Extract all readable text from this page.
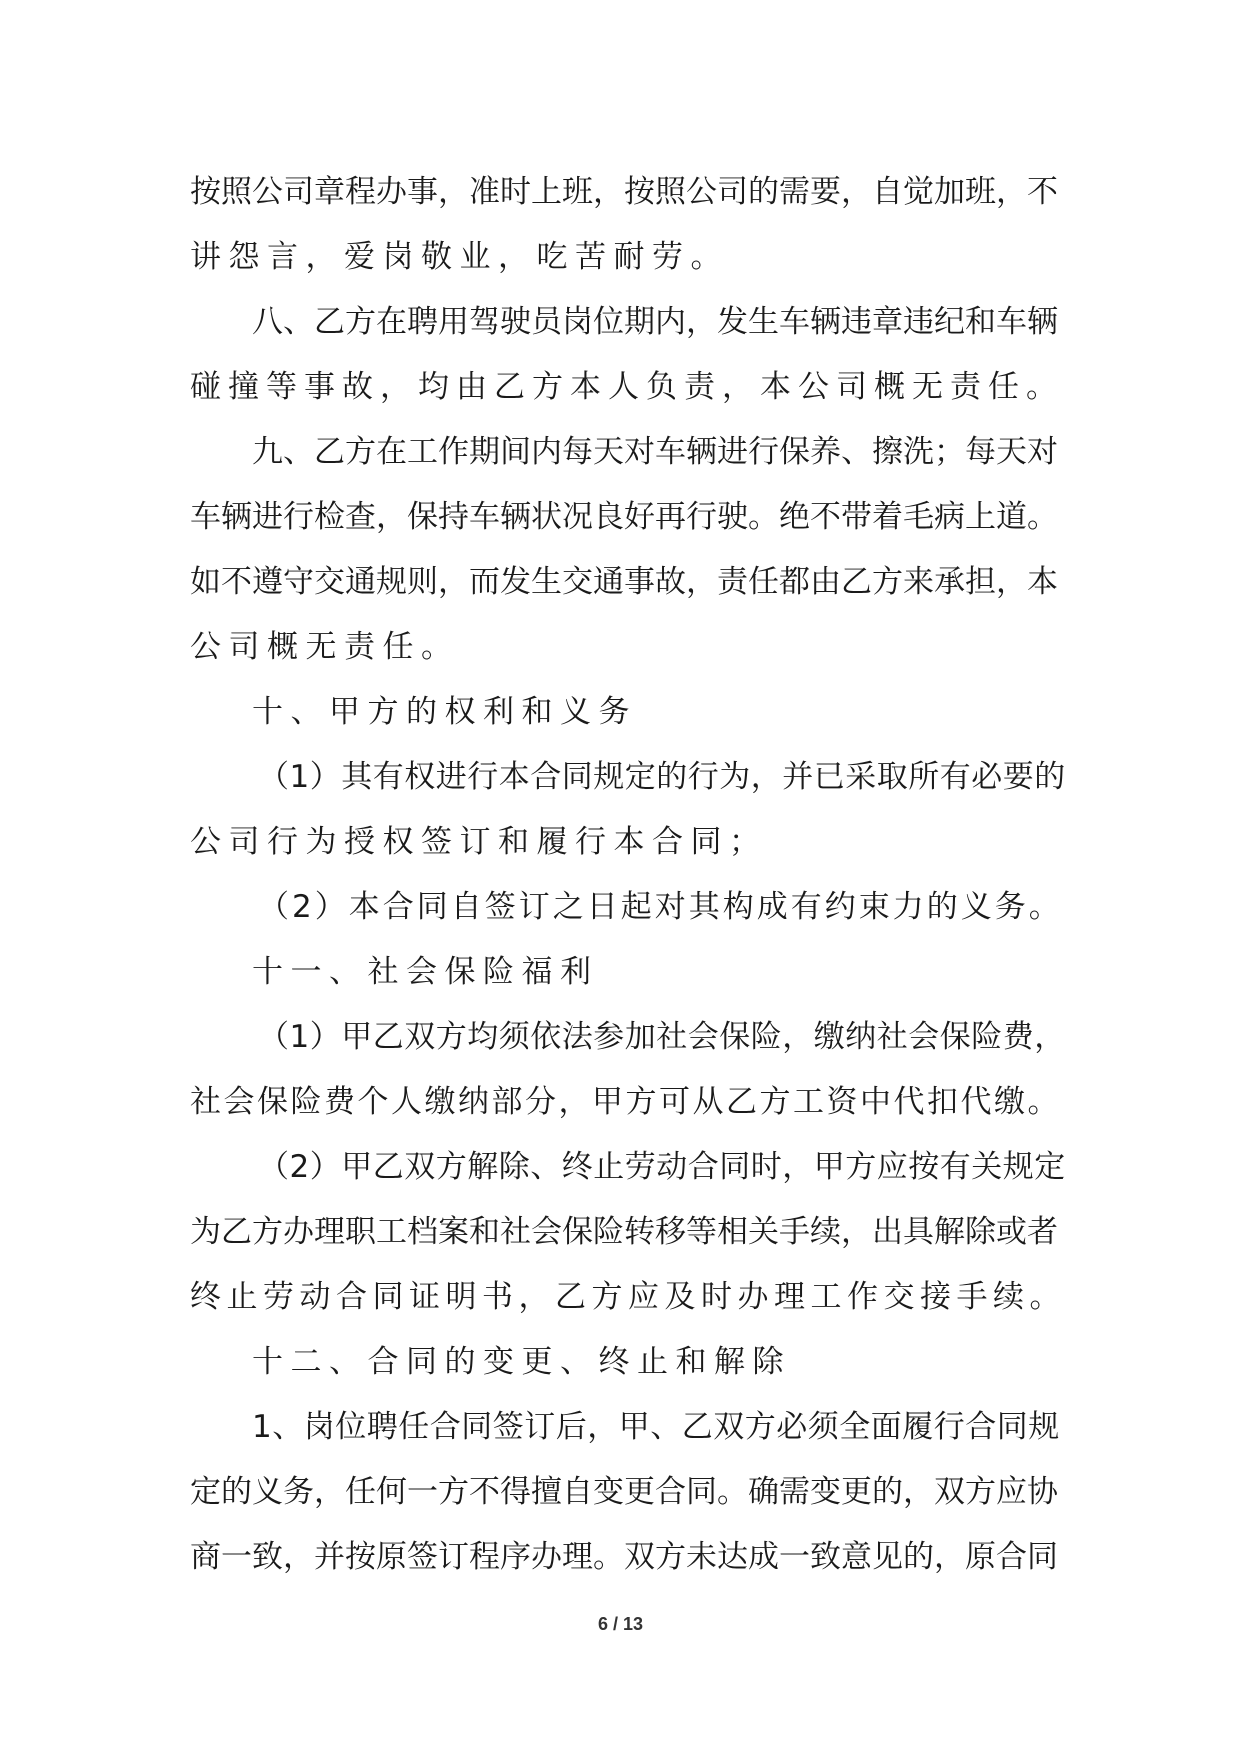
按照公司章程办事，准时上班，按照公司的需要，自觉加班，不
讲怨言，爱岗敬业，吃苦耐劳。
八、乙方在聘用驾驶员岗位期内，发生车辆违章违纪和车辆
碰撞等事故，均由乙方本人负责，本公司概无责任。
九、乙方在工作期间内每天对车辆进行保养、擦洗；每天对
车辆进行检查，保持车辆状况良好再行驶。绝不带着毛病上道。
如不遵守交通规则，而发生交通事故，责任都由乙方来承担，本
公司概无责任。
十、甲方的权利和义务
（1）其有权进行本合同规定的行为，并已采取所有必要的
公司行为授权签订和履行本合同；
（2）本合同自签订之日起对其构成有约束力的义务。
十一、社会保险福利
（1）甲乙双方均须依法参加社会保险，缴纳社会保险费，
社会保险费个人缴纳部分，甲方可从乙方工资中代扣代缴。
（2）甲乙双方解除、终止劳动合同时，甲方应按有关规定
为乙方办理职工档案和社会保险转移等相关手续，出具解除或者
终止劳动合同证明书，乙方应及时办理工作交接手续。
十二、合同的变更、终止和解除
1、岗位聘任合同签订后，甲、乙双方必须全面履行合同规
定的义务，任何一方不得擅自变更合同。确需变更的，双方应协
商一致，并按原签订程序办理。双方未达成一致意见的，原合同
6 / 13
